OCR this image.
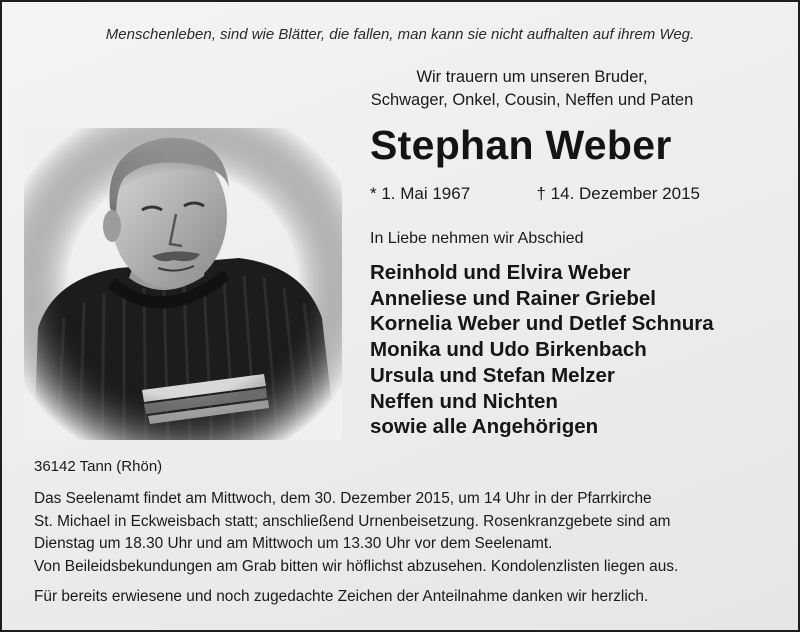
Menschenleben, sind wie Blätter, die fallen, man kann sie nicht aufhalten auf ihrem Weg.
Wir trauern um unseren Bruder,
Schwager, Onkel, Cousin, Neffen und Paten
Stephan Weber
* 1. Mai 1967	† 14. Dezember 2015
In Liebe nehmen wir Abschied
Reinhold und Elvira Weber
Anneliese und Rainer Griebel
Kornelia Weber und Detlef Schnura
Monika und Udo Birkenbach
Ursula und Stefan Melzer
Neffen und Nichten
sowie alle Angehörigen
36142 Tann (Rhön)

Das Seelenamt findet am Mittwoch, dem 30. Dezember 2015, um 14 Uhr in der Pfarrkirche

St. Michael in Eckweisbach statt; anschließend Urnenbeisetzung. Rosenkranzgebete sind am

Dienstag um 18.30 Uhr und am Mittwoch um 13.30 Uhr vor dem Seelenamt.

Von Beileidsbekundungen am Grab bitten wir höflichst abzusehen. Kondolenzlisten liegen aus.

Für bereits erwiesene und noch zugedachte Zeichen der Anteilnahme danken wir herzlich.
